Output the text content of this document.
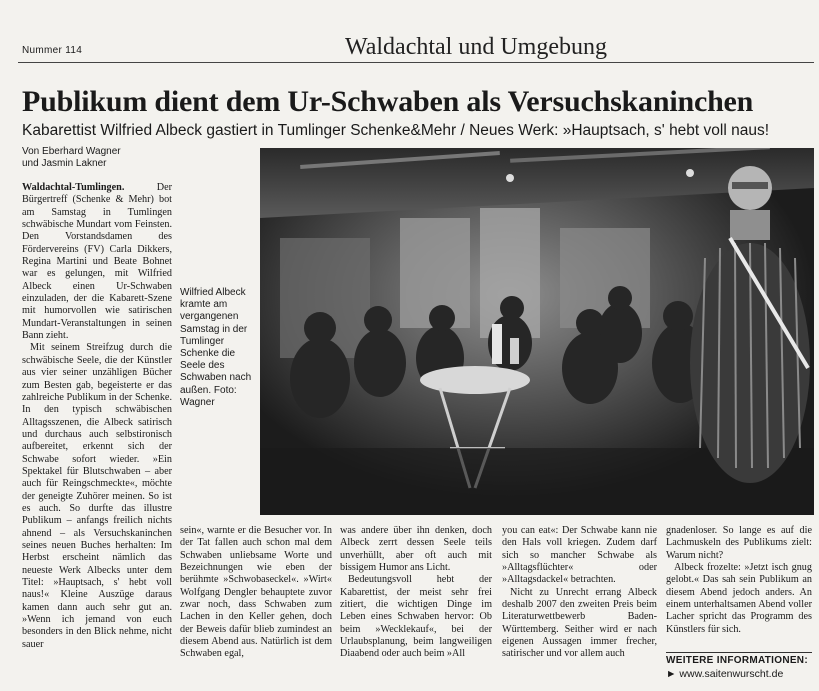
Nummer 114	Waldachtal und Umgebung
Publikum dient dem Ur-Schwaben als Versuchskaninchen
Kabarettist Wilfried Albeck gastiert in Tumlinger Schenke&Mehr / Neues Werk: »Hauptsach, s' hebt voll naus!
Von Eberhard Wagner
und Jasmin Lakner

Waldachtal-Tumlingen.	Der Bürgertreff (Schenke & Mehr) bot am Samstag in Tumlingen schwäbische Mundart vom Feinsten. Den Vorstandsdamen des Fördervereins (FV) Carla Dikkers, Regina Martini und Beate Bohnet war es gelungen, mit Wilfried Albeck einen Ur-Schwaben einzuladen, der die Kabarett-Szene mit humorvollen wie satirischen Mundart-Veranstaltungen in seinen Bann zieht.

Mit seinem Streifzug durch die schwäbische Seele, die der Künstler aus vier seiner unzähligen Bücher zum Besten gab, begeisterte er das zahlreiche Publikum in der Schenke. In den typisch schwäbischen Alltagsszenen, die Albeck satirisch und durchaus auch selbstironisch aufbereitet, erkennt sich der Schwabe sofort wieder. »Ein Spektakel für Blutschwaben – aber auch für Reingschmeckte«, möchte der geneigte Zuhörer meinen. So ist es auch. So durfte das illustre Publikum – anfangs freilich nichts ahnend – als Versuchskaninchen seines neuen Buches herhalten: Im Herbst erscheint nämlich das neueste Werk Albecks unter dem Titel: »Hauptsach, s' hebt voll naus!« Kleine Auszüge daraus kamen dann auch sehr gut an. »Wenn ich jemand von euch besonders in den Blick nehme, nicht sauer

Wilfried Albeck kramte am vergangenen Samstag in der Tumlinger Schenke die Seele des Schwaben nach außen. Foto: Wagner

sein«, warnte er die Besucher vor. In der Tat fallen auch schon mal dem Schwaben unliebsame Worte und Bezeichnungen wie eben der berühmte »Schwobaseckel«. »Wirt« Wolfgang Dengler behauptete zuvor zwar noch, dass Schwaben zum Lachen in den Keller gehen, doch der Beweis dafür blieb zumindest an diesem Abend aus. Natürlich ist dem Schwaben egal,

was andere über ihn denken, doch Albeck zerrt dessen Seele teils unverhüllt, aber oft auch mit bissigem Humor ans Licht.

Bedeutungsvoll hebt der Kabarettist, der meist sehr frei zitiert, die wichtigen Dinge im Leben eines Schwaben hervor: Ob beim »Wecklekauf«, bei der Urlaubsplanung, beim langweiligen Diaabend oder auch beim »All

you can eat«: Der Schwabe kann nie den Hals voll kriegen. Zudem darf sich so mancher Schwabe als »Alltagsflüchter« oder »Alltagsdackel« betrachten.

Nicht zu Unrecht errang Albeck deshalb 2007 den zweiten Preis beim Literaturwettbewerb Baden-Württemberg. Seither wird er nach eigenen Aussagen immer frecher, satirischer und vor allem auch

gnadenloser. So lange es auf die Lachmuskeln des Publikums zielt: Warum nicht?

Albeck frozelte: »Jetzt isch gnug gelobt.« Das sah sein Publikum an diesem Abend jedoch anders. An einem unterhaltsamen Abend voller Lacher spricht das Programm des Künstlers für sich.

WEITERE INFORMATIONEN:
► www.saitenwurscht.de
